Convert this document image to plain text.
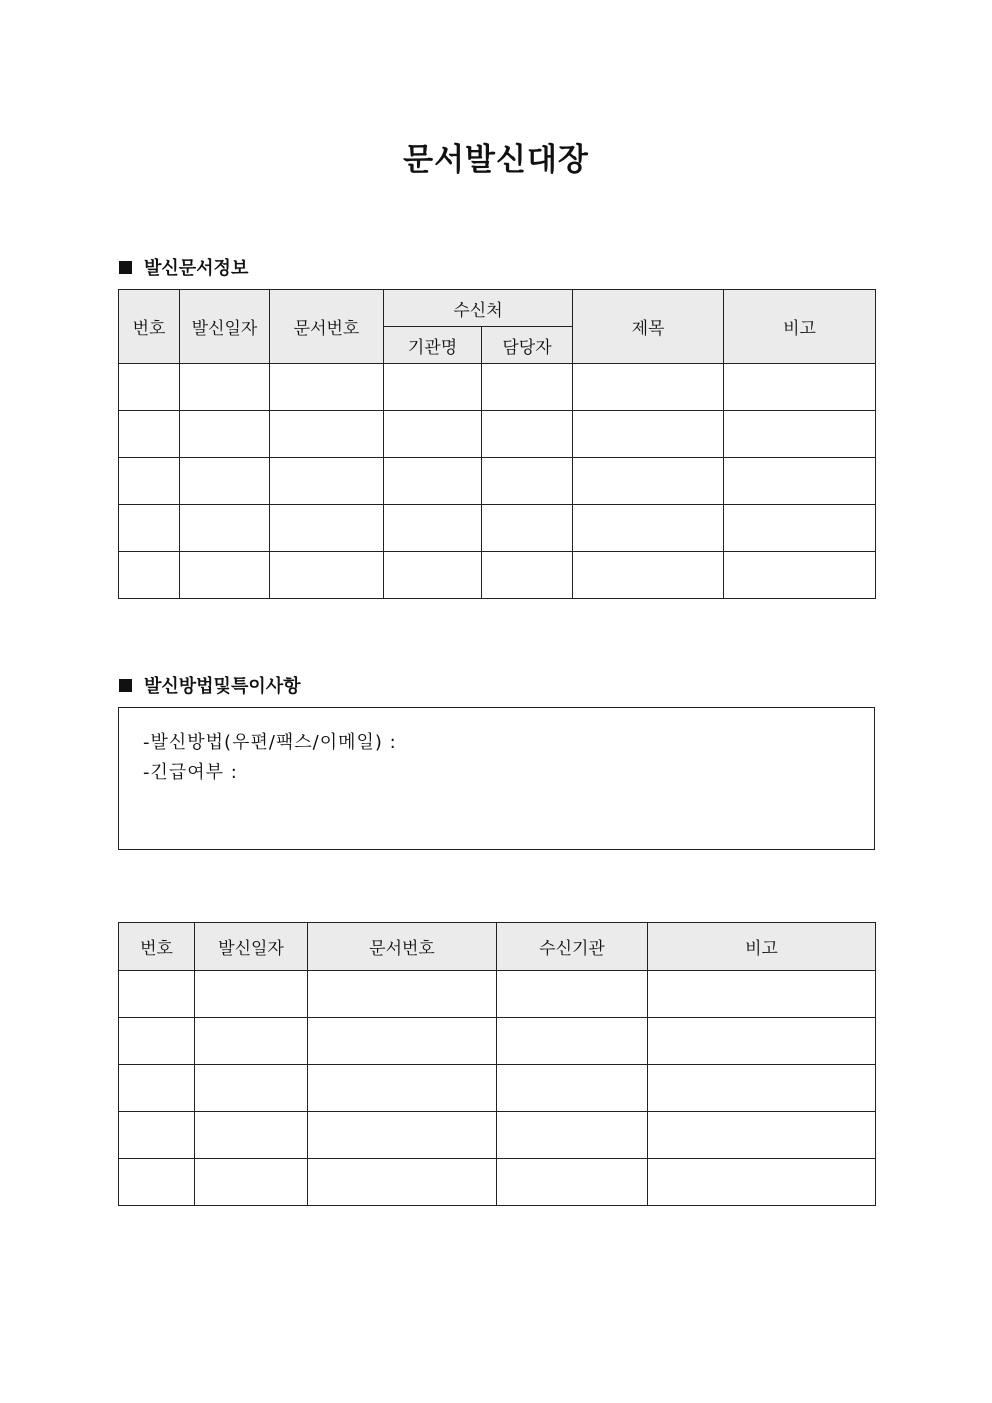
문서발신대장
발신문서정보
번호	발신일자	문서번호	수신처		제목	비고
			기관명	담당자		

발신방법및특이사항
-발신방법(우편/팩스/이메일) :
-긴급여부 :
번호	발신일자	문서번호	수신기관	비고
